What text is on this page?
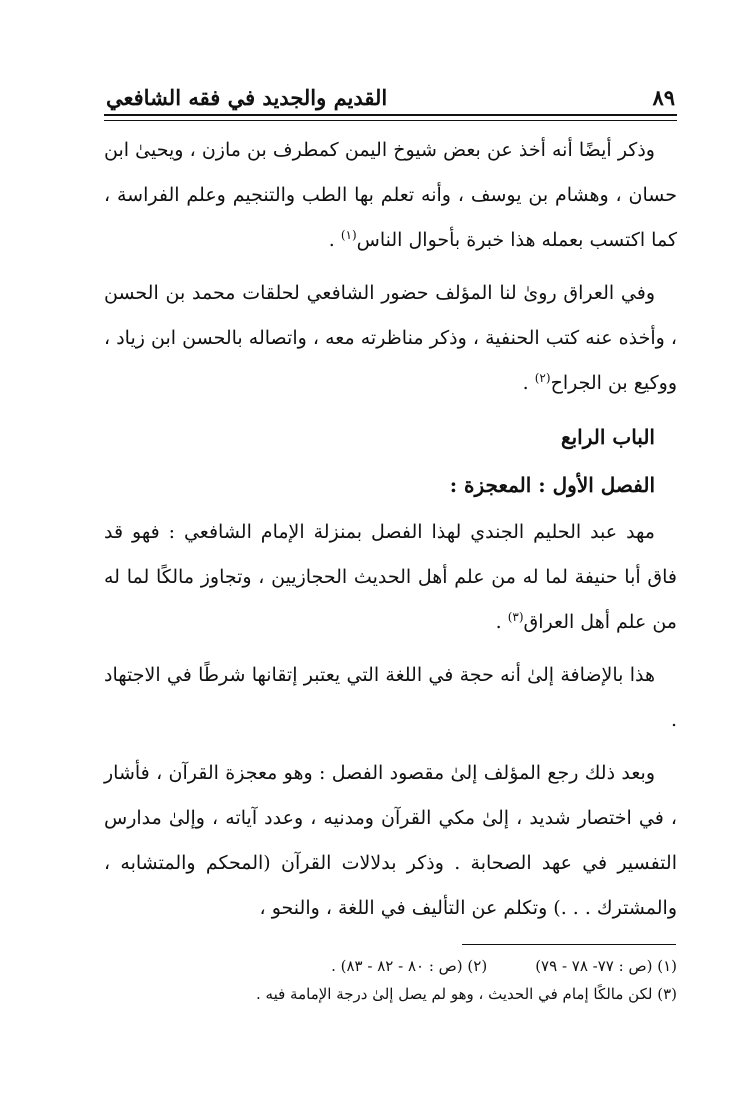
القديم والجديد في فقه الشافعي	٨٩

وذكر أيضًا أنه أخذ عن بعض شيوخ اليمن كمطرف بن مازن ، ويحيىٰ ابن حسان ، وهشام بن يوسف ، وأنه تعلم بها الطب والتنجيم وعلم الفراسة ، كما اكتسب بعمله هذا خبرة بأحوال الناس$^{(١)}$ .

وفي العراق روىٰ لنا المؤلف حضور الشافعي لحلقات محمد بن الحسن ، وأخذه عنه كتب الحنفية ، وذكر مناظرته معه ، واتصاله بالحسن ابن زياد ، ووكيع بن الجراح$^{(٢)}$ .

الباب الرابع

الفصل الأول : المعجزة :

مهد عبد الحليم الجندي لهذا الفصل بمنزلة الإمام الشافعي : فهو قد فاق أبا حنيفة لما له من علم أهل الحديث الحجازيين ، وتجاوز مالكًا لما له من علم أهل العراق$^{(٣)}$ .

هذا بالإضافة إلىٰ أنه حجة في اللغة التي يعتبر إتقانها شرطًا في الاجتهاد .

وبعد ذلك رجع المؤلف إلىٰ مقصود الفصل : وهو معجزة القرآن ، فأشار ، في اختصار شديد ، إلىٰ مكي القرآن ومدنيه ، وعدد آياته ، وإلىٰ مدارس التفسير في عهد الصحابة . وذكر بدلالات القرآن (المحكم والمتشابه ، والمشترك . . .) وتكلم عن التأليف في اللغة ، والنحو ،

(١) (ص : ٧٧- ٧٨ - ٧٩)
(٢) (ص : ٨٠ - ٨٢ - ٨٣) .
(٣) لكن مالكًا إمام في الحديث ، وهو لم يصل إلىٰ درجة الإمامة فيه .
